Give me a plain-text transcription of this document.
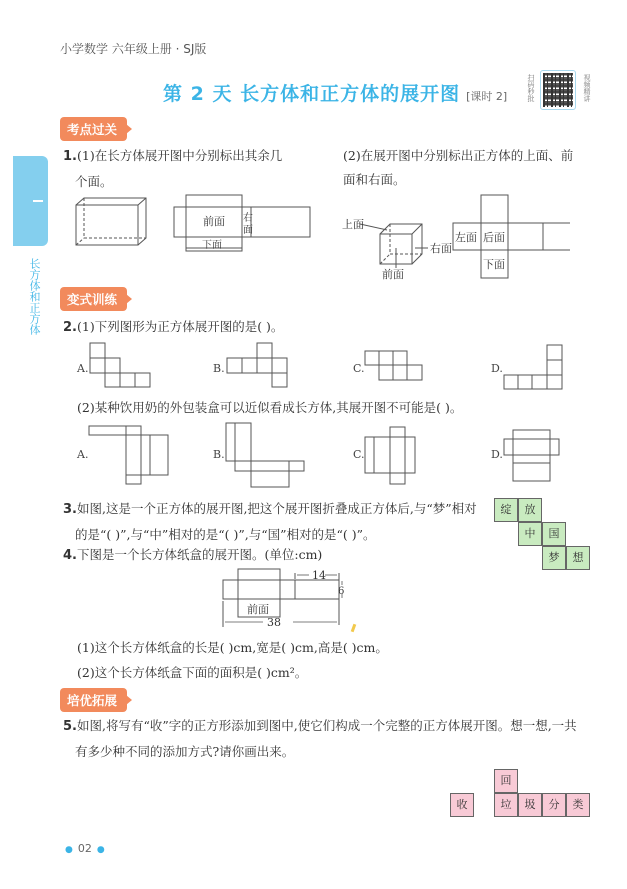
小学数学 六年级上册 · SJ版
第 2 天 长方体和正方体的展开图 [课时 2]	扫码秒批	视频精讲
长方体和正方体
考点过关
1.(1)在长方体展开图中分别标出其余几
个面。
前面 右
面
下面
(2)在展开图中分别标出正方体的上面、前
面和右面。
上面
右面
前面
左面 后面
下面
变式训练
2.(1)下列图形为正方体展开图的是( )。
A.	B.	C.	D.
(2)某种饮用奶的外包装盒可以近似看成长方体,其展开图不可能是( )。
A.	B.	C.	D.
3.如图,这是一个正方体的展开图,把这个展开图折叠成正方体后,与“梦”相对
的是“( )”,与“中”相对的是“( )”,与“国”相对的是“( )”。
绽	放
中	国
梦	想
4.下图是一个长方体纸盒的展开图。(单位:cm)
14
6
38
前面
(1)这个长方体纸盒的长是( )cm,宽是( )cm,高是( )cm。
(2)这个长方体纸盒下面的面积是( )cm²。
培优拓展
5.如图,将写有“收”字的正方形添加到图中,使它们构成一个完整的正方体展开图。想一想,一共
有多少种不同的添加方式?请你画出来。
收
回
垃	圾	分	类
● 02 ●
